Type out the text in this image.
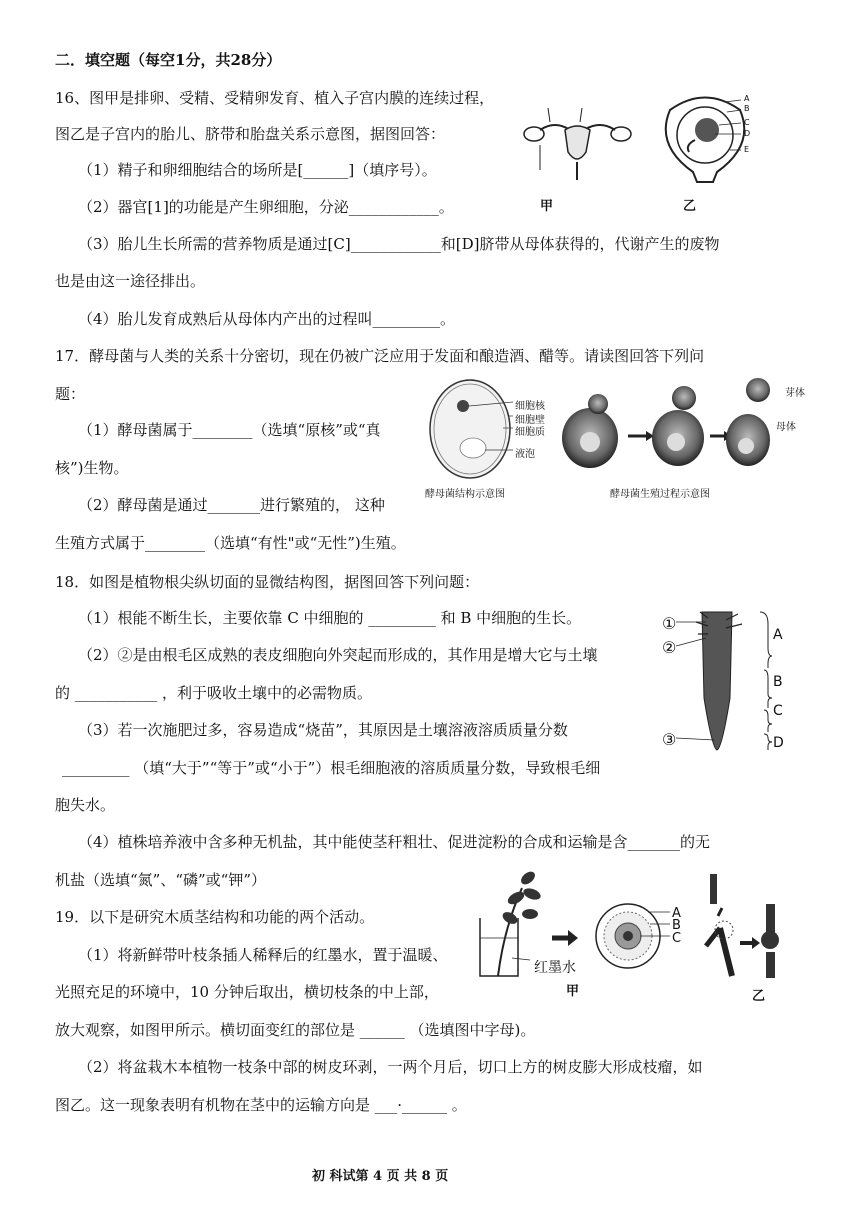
二．填空题（每空1分，共28分）
16、图甲是排卵、受精、受精卵发育、植入子宫内膜的连续过程，
图乙是子宫内的胎儿、脐带和胎盘关系示意图，据图回答：
（1）精子和卵细胞结合的场所是[______]（填序号）。
（2）器官[1]的功能是产生卵细胞，分泌____________。
（3）胎儿生长所需的营养物质是通过[C]____________和[D]脐带从母体获得的，代谢产生的废物
也是由这一途径排出。
（4）胎儿发育成熟后从母体内产出的过程叫_________。
甲
A
B
C
D
E
乙
17．酵母菌与人类的关系十分密切，现在仍被广泛应用于发面和酿造酒、醋等。请读图回答下列问
题：
（1）酵母菌属于________（选填“原核”或“真
核”)生物。
（2）酵母菌是通过_______进行繁殖的， 这种
生殖方式属于________（选填“有性"或“无性”)生殖。
细胞核
细胞壁
细胞质
液泡
酵母菌结构示意图
芽体
母体
酵母菌生殖过程示意图
18．如图是植物根尖纵切面的显微结构图，据图回答下列问题：
（1）根能不断生长，主要依靠 C 中细胞的 _________ 和 B 中细胞的生长。
（2）②是由根毛区成熟的表皮细胞向外突起而形成的，其作用是增大它与土壤
的 ___________ ，利于吸收土壤中的必需物质。
（3）若一次施肥过多，容易造成“烧苗”，其原因是土壤溶液溶质质量分数
_________ （填“大于”“等于”或“小于”）根毛细胞液的溶质质量分数，导致根毛细
胞失水。
（4）植株培养液中含多种无机盐，其中能使茎秆粗壮、促进淀粉的合成和运输是含_______的无
机盐（选填“氮”、“磷”或“钾”）
①
②
③
A
B
C
D
19．以下是研究木质茎结构和功能的两个活动。
（1）将新鲜带叶枝条插人稀释后的红墨水，置于温暖、
光照充足的环境中，10 分钟后取出，横切枝条的中上部，
放大观察，如图甲所示。横切面变红的部位是 ______ （选填图中字母)。
（2）将盆栽木本植物一枝条中部的树皮环剥，一两个月后，切口上方的树皮膨大形成枝瘤，如
图乙。这一现象表明有机物在茎中的运输方向是 ___·______ 。
A
B
C
红墨水
甲	乙
初 科试第 4 页 共 8 页
